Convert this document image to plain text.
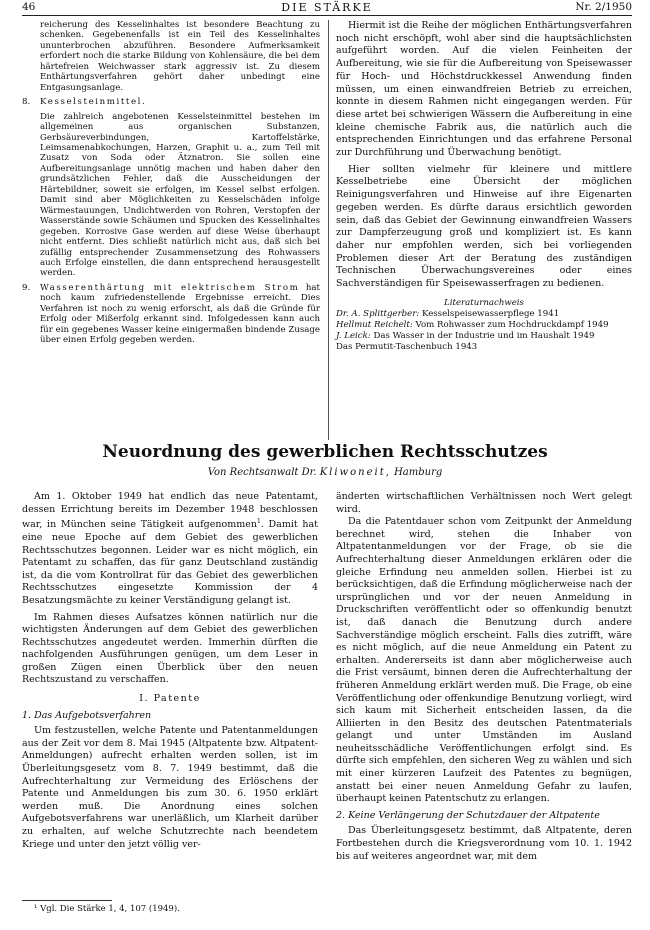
46	DIE STÄRKE	Nr. 2/1950
reicherung des Kesselinhaltes ist besondere Beachtung zu schenken. Gegebenenfalls ist ein Teil des Kesselinhaltes ununterbrochen abzuführen. Besondere Aufmerksamkeit erfordert noch die starke Bildung von Kohlensäure, die bei dem härtefreien Weichwasser stark aggressiv ist. Zu diesem Enthärtungsverfahren gehört daher unbedingt eine Entgasungsanlage.
8. Kesselsteinmittel.
Die zahlreich angebotenen Kesselsteinmittel bestehen im allgemeinen aus organischen Substanzen, Gerbsäureverbindungen, Kartoffelstärke, Leimsamenabkochungen, Harzen, Graphit u. a., zum Teil mit Zusatz von Soda oder Ätznatron. Sie sollen eine Aufbereitungsanlage unnötig machen und haben daher den grundsätzlichen Fehler, daß die Ausscheidungen der Härtebildner, soweit sie erfolgen, im Kessel selbst erfolgen. Damit sind aber Möglichkeiten zu Kesselschäden infolge Wärmestauungen, Undichtwerden von Rohren, Verstopfen der Wasserstände sowie Schäumen und Spucken des Kesselinhaltes gegeben. Korrosive Gase werden auf diese Weise überhaupt nicht entfernt. Dies schließt natürlich nicht aus, daß sich bei zufällig entsprechender Zusammensetzung des Rohwassers auch Erfolge einstellen, die dann entsprechend herausgestellt werden.
9. Wasserenthärtung mit elektrischem Strom hat noch kaum zufriedenstellende Ergebnisse erreicht. Dies Verfahren ist noch zu wenig erforscht, als daß die Gründe für Erfolg oder Mißerfolg erkannt sind. Infolgedessen kann auch für ein gegebenes Wasser keine einigermaßen bindende Zusage über einen Erfolg gegeben werden.
Hiermit ist die Reihe der möglichen Enthärtungsverfahren noch nicht erschöpft, wohl aber sind die hauptsächlichsten aufgeführt worden. Auf die vielen Feinheiten der Aufbereitung, wie sie für die Aufbereitung von Speisewasser für Hoch- und Höchstdruckkessel Anwendung finden müssen, um einen einwandfreien Betrieb zu erreichen, konnte in diesem Rahmen nicht eingegangen werden. Für diese artet bei schwierigen Wässern die Aufbereitung in eine kleine chemische Fabrik aus, die natürlich auch die entsprechenden Einrichtungen und das erfahrene Personal zur Durchführung und Überwachung benötigt.
Hier sollten vielmehr für kleinere und mittlere Kesselbetriebe eine Übersicht der möglichen Reinigungsverfahren und Hinweise auf ihre Eigenarten gegeben werden. Es dürfte daraus ersichtlich geworden sein, daß das Gebiet der Gewinnung einwandfreien Wassers zur Dampferzeugung groß und kompliziert ist. Es kann daher nur empfohlen werden, sich bei vorliegenden Problemen dieser Art der Beratung des zuständigen Technischen Überwachungsvereines oder eines Sachverständigen für Speisewasserfragen zu bedienen.
Literaturnachweis
Dr. A. Splittgerber: Kesselspeisewasserpflege 1941
Hellmut Reichelt: Vom Rohwasser zum Hochdruckdampf 1949
J. Leick: Das Wasser in der Industrie und im Haushalt 1949
Das Permutit-Taschenbuch 1943
Neuordnung des gewerblichen Rechtsschutzes
Von Rechtsanwalt Dr. Kliwoneit, Hamburg
Am 1. Oktober 1949 hat endlich das neue Patentamt, dessen Errichtung bereits im Dezember 1948 beschlossen war, in München seine Tätigkeit aufgenommen$^1$. Damit hat eine neue Epoche auf dem Gebiet des gewerblichen Rechtsschutzes begonnen. Leider war es nicht möglich, ein Patentamt zu schaffen, das für ganz Deutschland zuständig ist, da die vom Kontrollrat für das Gebiet des gewerblichen Rechtsschutzes eingesetzte Kommission der 4 Besatzungsmächte zu keiner Verständigung gelangt ist.
Im Rahmen dieses Aufsatzes können natürlich nur die wichtigsten Änderungen auf dem Gebiet des gewerblichen Rechtsschutzes angedeutet werden. Immerhin dürften die nachfolgenden Ausführungen genügen, um dem Leser in großen Zügen einen Überblick über den neuen Rechtszustand zu verschaffen.
I. Patente
1. Das Aufgebotsverfahren
Um festzustellen, welche Patente und Patentanmeldungen aus der Zeit vor dem 8. Mai 1945 (Altpatente bzw. Altpatent-Anmeldungen) aufrecht erhalten werden sollen, ist im Überleitungsgesetz vom 8. 7. 1949 bestimmt, daß die Aufrechterhaltung zur Vermeidung des Erlöschens der Patente und Anmeldungen bis zum 30. 6. 1950 erklärt werden muß. Die Anordnung eines solchen Aufgebotsverfahrens war unerläßlich, um Klarheit darüber zu erhalten, auf welche Schutzrechte nach beendetem Kriege und unter den jetzt völlig ver-
änderten wirtschaftlichen Verhältnissen noch Wert gelegt wird.
Da die Patentdauer schon vom Zeitpunkt der Anmeldung berechnet wird, stehen die Inhaber von Altpatentanmeldungen vor der Frage, ob sie die Aufrechterhaltung dieser Anmeldungen erklären oder die gleiche Erfindung neu anmelden sollen. Hierbei ist zu berücksichtigen, daß die Erfindung möglicherweise nach der ursprünglichen und vor der neuen Anmeldung in Druckschriften veröffentlicht oder so offenkundig benutzt ist, daß danach die Benutzung durch andere Sachverständige möglich erscheint. Falls dies zutrifft, wäre es nicht möglich, auf die neue Anmeldung ein Patent zu erhalten. Andererseits ist dann aber möglicherweise auch die Frist versäumt, binnen deren die Aufrechterhaltung der früheren Anmeldung erklärt werden muß. Die Frage, ob eine Veröffentlichung oder offenkundige Benutzung vorliegt, wird sich kaum mit Sicherheit entscheiden lassen, da die Alliierten in den Besitz des deutschen Patentmaterials gelangt und unter Umständen im Ausland neuheitsschädliche Veröffentlichungen erfolgt sind. Es dürfte sich empfehlen, den sicheren Weg zu wählen und sich mit einer kürzeren Laufzeit des Patentes zu begnügen, anstatt bei einer neuen Anmeldung Gefahr zu laufen, überhaupt keinen Patentschutz zu erlangen.
2. Keine Verlängerung der Schutzdauer der Altpatente
Das Überleitungsgesetz bestimmt, daß Altpatente, deren Fortbestehen durch die Kriegsverordnung vom 10. 1. 1942 bis auf weiteres angeordnet war, mit dem
¹ Vgl. Die Stärke 1, 4, 107 (1949).
